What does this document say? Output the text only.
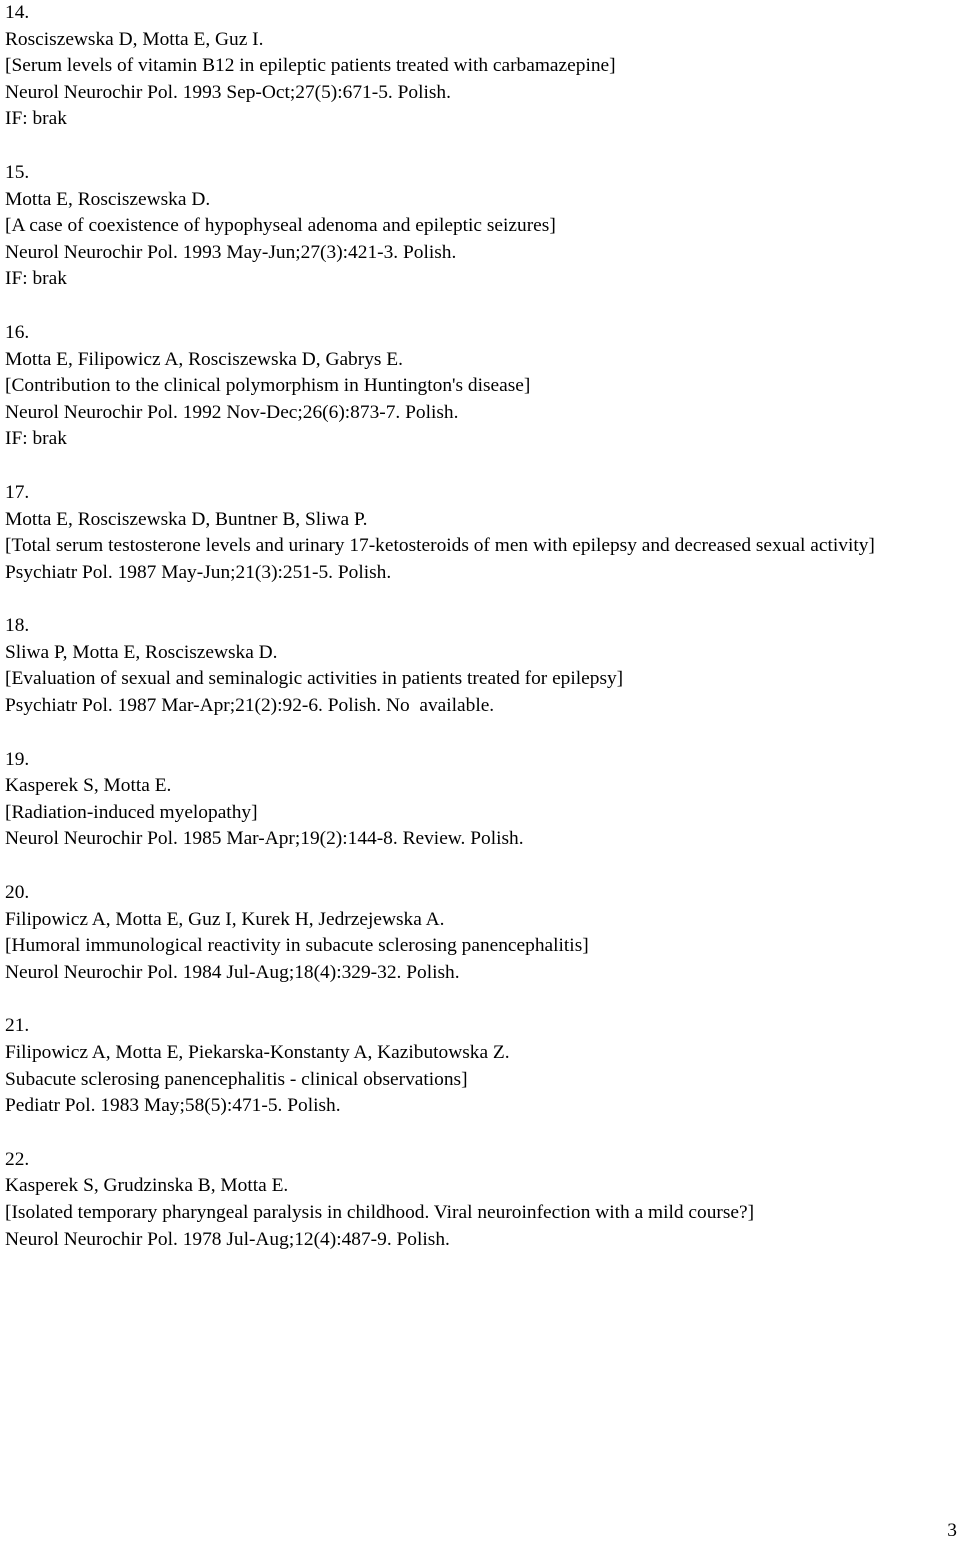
14.
Rosciszewska D, Motta E, Guz I.
[Serum levels of vitamin B12 in epileptic patients treated with carbamazepine]
Neurol Neurochir Pol. 1993 Sep-Oct;27(5):671-5. Polish.
IF: brak
15.
Motta E, Rosciszewska D.
[A case of coexistence of hypophyseal adenoma and epileptic seizures]
Neurol Neurochir Pol. 1993 May-Jun;27(3):421-3. Polish.
IF: brak
16.
Motta E, Filipowicz A, Rosciszewska D, Gabrys E.
[Contribution to the clinical polymorphism in Huntington's disease]
Neurol Neurochir Pol. 1992 Nov-Dec;26(6):873-7. Polish.
IF: brak
17.
Motta E, Rosciszewska D, Buntner B, Sliwa P.
[Total serum testosterone levels and urinary 17-ketosteroids of men with epilepsy and decreased sexual activity]
Psychiatr Pol. 1987 May-Jun;21(3):251-5. Polish.
18.
Sliwa P, Motta E, Rosciszewska D.
[Evaluation of sexual and seminalogic activities in patients treated for epilepsy]
Psychiatr Pol. 1987 Mar-Apr;21(2):92-6. Polish. No  available.
19.
Kasperek S, Motta E.
[Radiation-induced myelopathy]
Neurol Neurochir Pol. 1985 Mar-Apr;19(2):144-8. Review. Polish.
20.
Filipowicz A, Motta E, Guz I, Kurek H, Jedrzejewska A.
[Humoral immunological reactivity in subacute sclerosing panencephalitis]
Neurol Neurochir Pol. 1984 Jul-Aug;18(4):329-32. Polish.
21.
Filipowicz A, Motta E, Piekarska-Konstanty A, Kazibutowska Z.
Subacute sclerosing panencephalitis - clinical observations]
Pediatr Pol. 1983 May;58(5):471-5. Polish.
22.
Kasperek S, Grudzinska B, Motta E.
[Isolated temporary pharyngeal paralysis in childhood. Viral neuroinfection with a mild course?]
Neurol Neurochir Pol. 1978 Jul-Aug;12(4):487-9. Polish.
3
